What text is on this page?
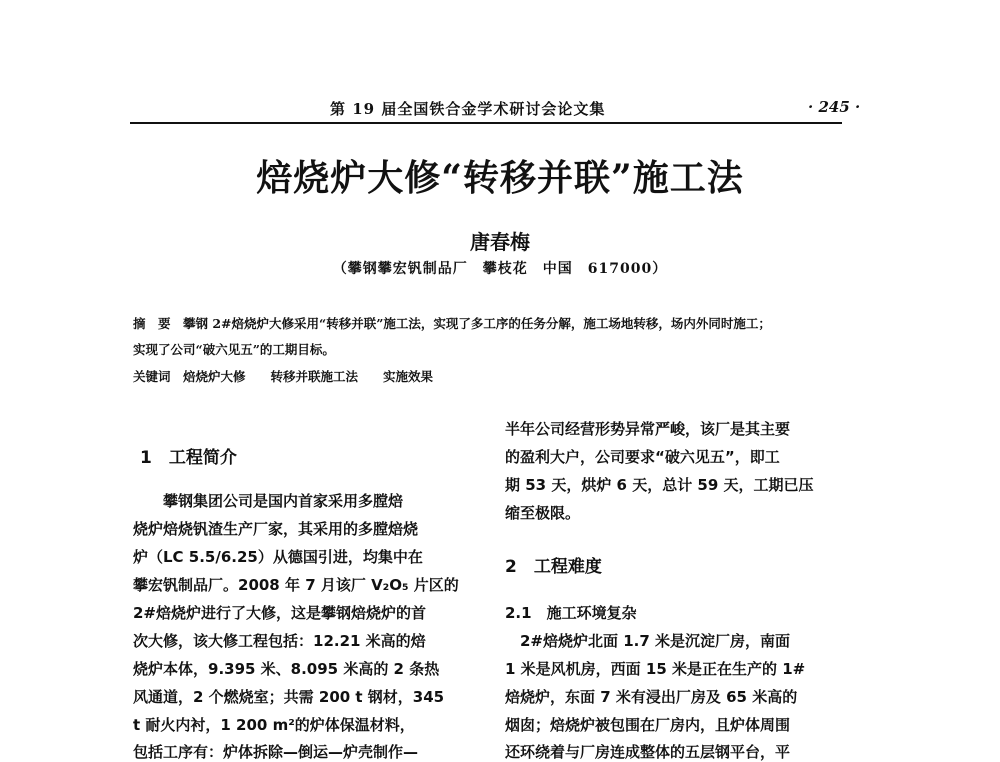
第 19 届全国铁合金学术研讨会论文集	· 245 ·
焙烧炉大修“转移并联”施工法
唐春梅
（攀钢攀宏钒制品厂　攀枝花　中国　617000）
摘　要　攀钢 2#焙烧炉大修采用“转移并联”施工法，实现了多工序的任务分解，施工场地转移，场内外同时施工；
实现了公司“破六见五”的工期目标。
关键词　焙烧炉大修　　转移并联施工法　　实施效果
1　工程简介
　　攀钢集团公司是国内首家采用多膛焙
烧炉焙烧钒渣生产厂家，其采用的多膛焙烧
炉（LC 5.5/6.25）从德国引进，均集中在
攀宏钒制品厂。2008 年 7 月该厂 V₂O₅ 片区的
2#焙烧炉进行了大修，这是攀钢焙烧炉的首
次大修，该大修工程包括：12.21 米高的焙
烧炉本体，9.395 米、8.095 米高的 2 条热
风通道，2 个燃烧室；共需 200 t 钢材，345
t 耐火内衬，1 200 m²的炉体保温材料，
包括工序有：炉体拆除—倒运—炉壳制作—
半年公司经营形势异常严峻，该厂是其主要
的盈利大户，公司要求“破六见五”，即工
期 53 天，烘炉 6 天，总计 59 天，工期已压
缩至极限。
2　工程难度
2.1　施工环境复杂
　2#焙烧炉北面 1.7 米是沉淀厂房，南面
1 米是风机房，西面 15 米是正在生产的 1#
焙烧炉，东面 7 米有浸出厂房及 65 米高的
烟囱；焙烧炉被包围在厂房内，且炉体周围
还环绕着与厂房连成整体的五层钢平台，平
